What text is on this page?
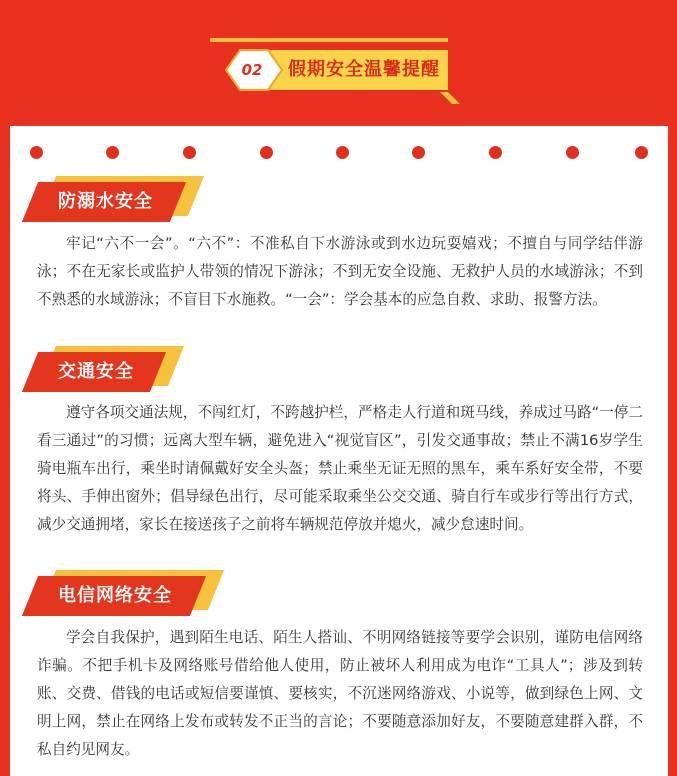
02	假期安全温馨提醒
防溺水安全

牢记“六不一会”。“六不”：不准私自下水游泳或到水边玩耍嬉戏；不擅自与同学结伴游泳；不在无家长或监护人带领的情况下游泳；不到无安全设施、无救护人员的水域游泳；不到不熟悉的水域游泳；不盲目下水施救。“一会”：学会基本的应急自救、求助、报警方法。

交通安全

遵守各项交通法规，不闯红灯，不跨越护栏，严格走人行道和斑马线，养成过马路“一停二看三通过”的习惯；远离大型车辆，避免进入“视觉盲区”，引发交通事故；禁止不满16岁学生骑电瓶车出行，乘坐时请佩戴好安全头盔；禁止乘坐无证无照的黑车，乘车系好安全带，不要将头、手伸出窗外；倡导绿色出行，尽可能采取乘坐公交交通、骑自行车或步行等出行方式，减少交通拥堵，家长在接送孩子之前将车辆规范停放并熄火，减少怠速时间。

电信网络安全

学会自我保护，遇到陌生电话、陌生人搭讪、不明网络链接等要学会识别，谨防电信网络诈骗。不把手机卡及网络账号借给他人使用，防止被坏人利用成为电诈“工具人”；涉及到转账、交费、借钱的电话或短信要谨慎、要核实，不沉迷网络游戏、小说等，做到绿色上网、文明上网，禁止在网络上发布或转发不正当的言论；不要随意添加好友，不要随意建群入群，不私自约见网友。
